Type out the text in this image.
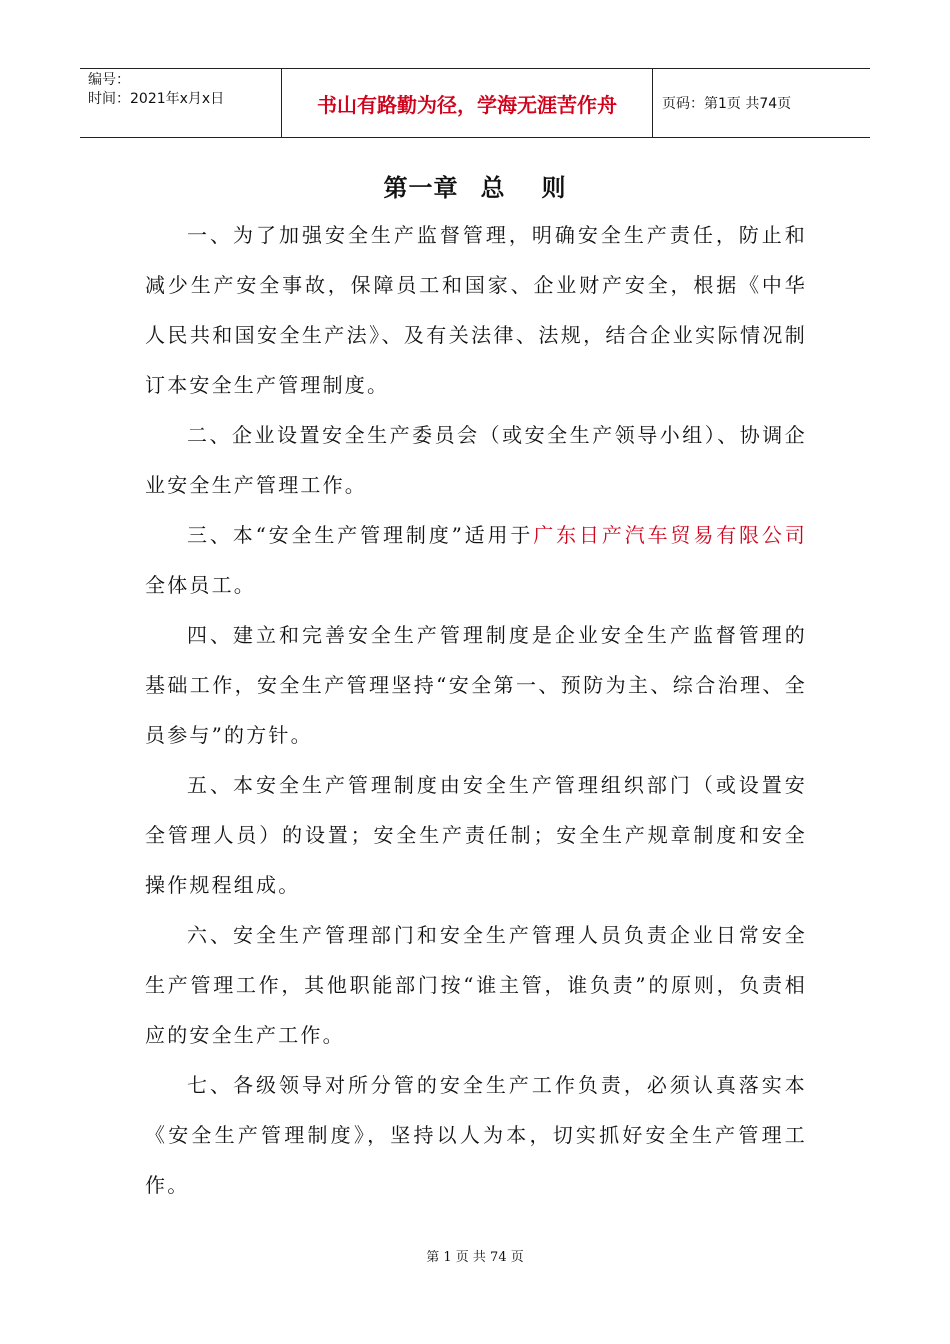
编号：
时间：2021年x月x日	书山有路勤为径，学海无涯苦作舟	页码：第1页 共74页
第一章 总 则

一、为了加强安全生产监督管理，明确安全生产责任，防止和减少生产安全事故，保障员工和国家、企业财产安全，根据《中华人民共和国安全生产法》、及有关法律、法规，结合企业实际情况制订本安全生产管理制度。

二、企业设置安全生产委员会（或安全生产领导小组）、协调企业安全生产管理工作。

三、本“安全生产管理制度”适用于广东日产汽车贸易有限公司全体员工。

四、建立和完善安全生产管理制度是企业安全生产监督管理的基础工作，安全生产管理坚持“安全第一、预防为主、综合治理、全员参与”的方针。

五、本安全生产管理制度由安全生产管理组织部门（或设置安全管理人员）的设置；安全生产责任制；安全生产规章制度和安全操作规程组成。

六、安全生产管理部门和安全生产管理人员负责企业日常安全生产管理工作，其他职能部门按“谁主管，谁负责”的原则，负责相应的安全生产工作。

七、各级领导对所分管的安全生产工作负责，必须认真落实本《安全生产管理制度》，坚持以人为本，切实抓好安全生产管理工作。

第 1 页 共 74 页
